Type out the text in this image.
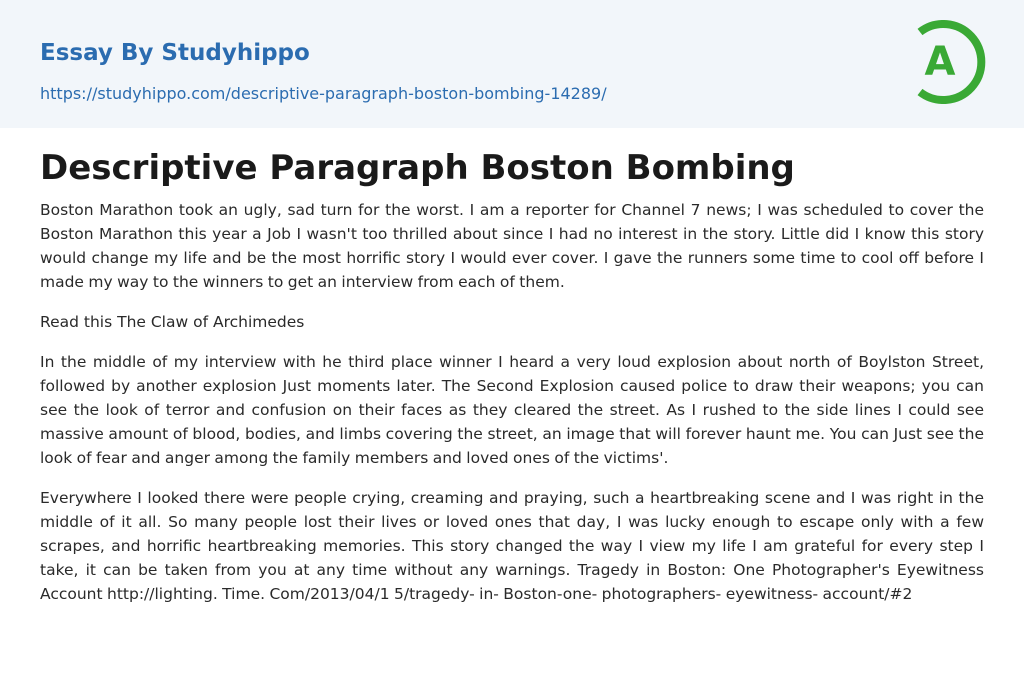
Essay By Studyhippo
https://studyhippo.com/descriptive-paragraph-boston-bombing-14289/
A
Descriptive Paragraph Boston Bombing

Boston Marathon took an ugly, sad turn for the worst. I am a reporter for Channel 7 news; I was scheduled to cover the Boston Marathon this year a Job I wasn't too thrilled about since I had no interest in the story. Little did I know this story would change my life and be the most horrific story I would ever cover. I gave the runners some time to cool off before I made my way to the winners to get an interview from each of them.

Read this The Claw of Archimedes

In the middle of my interview with he third place winner I heard a very loud explosion about north of Boylston Street, followed by another explosion Just moments later. The Second Explosion caused police to draw their weapons; you can see the look of terror and confusion on their faces as they cleared the street. As I rushed to the side lines I could see massive amount of blood, bodies, and limbs covering the street, an image that will forever haunt me. You can Just see the look of fear and anger among the family members and loved ones of the victims'.

Everywhere I looked there were people crying, creaming and praying, such a heartbreaking scene and I was right in the middle of it all. So many people lost their lives or loved ones that day, I was lucky enough to escape only with a few scrapes, and horrific heartbreaking memories. This story changed the way I view my life I am grateful for every step I take, it can be taken from you at any time without any warnings. Tragedy in Boston: One Photographer's Eyewitness Account http://lighting. Time. Com/2013/04/1 5/tragedy- in- Boston-one- photographers- eyewitness- account/#2
